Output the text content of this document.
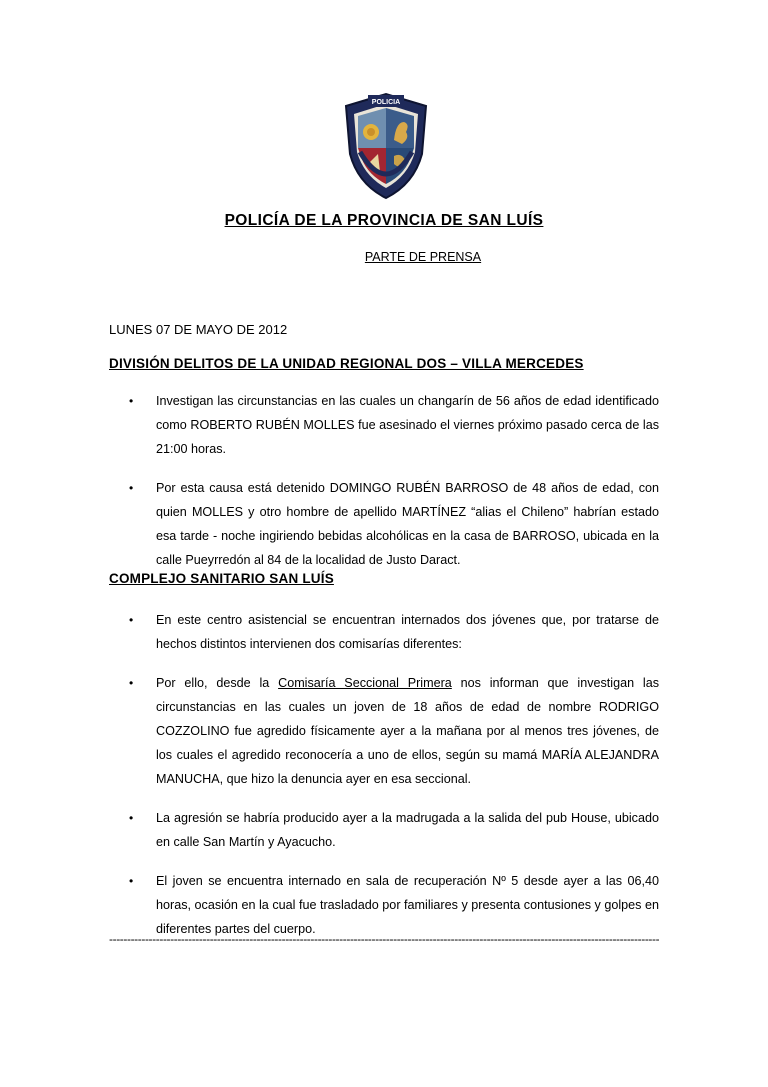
POLICIA
POLICÍA DE LA PROVINCIA DE SAN LUÍS
PARTE DE PRENSA
LUNES 07 DE MAYO DE 2012
DIVISIÓN DELITOS DE LA UNIDAD REGIONAL DOS – VILLA MERCEDES
• Investigan las circunstancias en las cuales un changarín de 56 años de edad identificado como ROBERTO RUBÉN MOLLES fue asesinado el viernes próximo pasado cerca de las 21:00 horas.
• Por esta causa está detenido DOMINGO RUBÉN BARROSO de 48 años de edad, con quien MOLLES y otro hombre de apellido MARTÍNEZ “alias el Chileno” habrían estado esa tarde - noche ingiriendo bebidas alcohólicas en la casa de BARROSO, ubicada en la calle Pueyrredón al 84 de la localidad de Justo Daract.
COMPLEJO SANITARIO SAN LUÍS
• En este centro asistencial se encuentran internados dos jóvenes que, por tratarse de hechos distintos intervienen dos comisarías diferentes:
• Por ello, desde la Comisaría Seccional Primera nos informan que investigan las circunstancias en las cuales un joven de 18 años de edad de nombre RODRIGO COZZOLINO fue agredido físicamente ayer a la mañana por al menos tres jóvenes, de los cuales el agredido reconocería a uno de ellos, según su mamá MARÍA ALEJANDRA MANUCHA, que hizo la denuncia ayer en esa seccional.
• La agresión se habría producido ayer a la madrugada a la salida del pub House, ubicado en calle San Martín y Ayacucho.
• El joven se encuentra internado en sala de recuperación Nº 5 desde ayer a las 06,40 horas, ocasión en la cual fue trasladado por familiares y presenta contusiones y golpes en diferentes partes del cuerpo.
---------------------------------------------------------------------------------------------------------------------------------------------------------
